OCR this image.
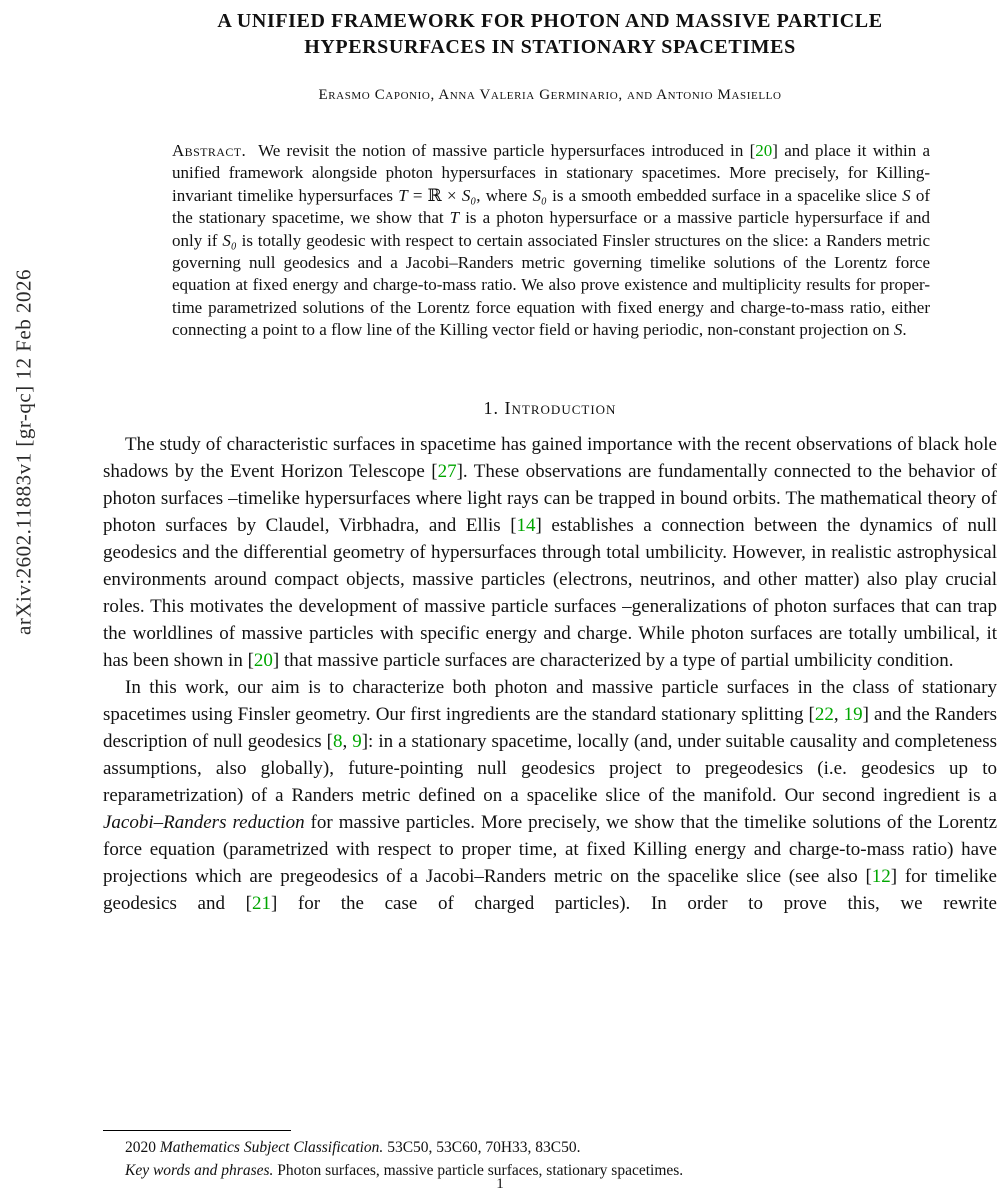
arXiv:2602.11883v1 [gr-qc] 12 Feb 2026
A UNIFIED FRAMEWORK FOR PHOTON AND MASSIVE PARTICLE
HYPERSURFACES IN STATIONARY SPACETIMES
Erasmo Caponio, Anna Valeria Germinario, and Antonio Masiello
Abstract. We revisit the notion of massive particle hypersurfaces introduced in [20] and place it within a unified framework alongside photon hypersurfaces in stationary spacetimes. More precisely, for Killing-invariant timelike hypersurfaces T = ℝ × S₀, where S₀ is a smooth embedded surface in a spacelike slice S of the stationary spacetime, we show that T is a photon hypersurface or a massive particle hypersurface if and only if S₀ is totally geodesic with respect to certain associated Finsler structures on the slice: a Randers metric governing null geodesics and a Jacobi–Randers metric governing timelike solutions of the Lorentz force equation at fixed energy and charge-to-mass ratio. We also prove existence and multiplicity results for proper-time parametrized solutions of the Lorentz force equation with fixed energy and charge-to-mass ratio, either connecting a point to a flow line of the Killing vector field or having periodic, non-constant projection on S.
1. Introduction

The study of characteristic surfaces in spacetime has gained importance with the recent observations of black hole shadows by the Event Horizon Telescope [27]. These observations are fundamentally connected to the behavior of photon surfaces –timelike hypersurfaces where light rays can be trapped in bound orbits. The mathematical theory of photon surfaces by Claudel, Virbhadra, and Ellis [14] establishes a connection between the dynamics of null geodesics and the differential geometry of hypersurfaces through total umbilicity. However, in realistic astrophysical environments around compact objects, massive particles (electrons, neutrinos, and other matter) also play crucial roles. This motivates the development of massive particle surfaces –generalizations of photon surfaces that can trap the worldlines of massive particles with specific energy and charge. While photon surfaces are totally umbilical, it has been shown in [20] that massive particle surfaces are characterized by a type of partial umbilicity condition.

In this work, our aim is to characterize both photon and massive particle surfaces in the class of stationary spacetimes using Finsler geometry. Our first ingredients are the standard stationary splitting [22, 19] and the Randers description of null geodesics [8, 9]: in a stationary spacetime, locally (and, under suitable causality and completeness assumptions, also globally), future-pointing null geodesics project to pregeodesics (i.e. geodesics up to reparametrization) of a Randers metric defined on a spacelike slice of the manifold. Our second ingredient is a Jacobi–Randers reduction for massive particles. More precisely, we show that the timelike solutions of the Lorentz force equation (parametrized with respect to proper time, at fixed Killing energy and charge-to-mass ratio) have projections which are pregeodesics of a Jacobi–Randers metric on the spacelike slice (see also [12] for timelike geodesics and [21] for the case of charged particles). In order to prove this, we rewrite

2020 Mathematics Subject Classification. 53C50, 53C60, 70H33, 83C50.
Key words and phrases. Photon surfaces, massive particle surfaces, stationary spacetimes.
1
